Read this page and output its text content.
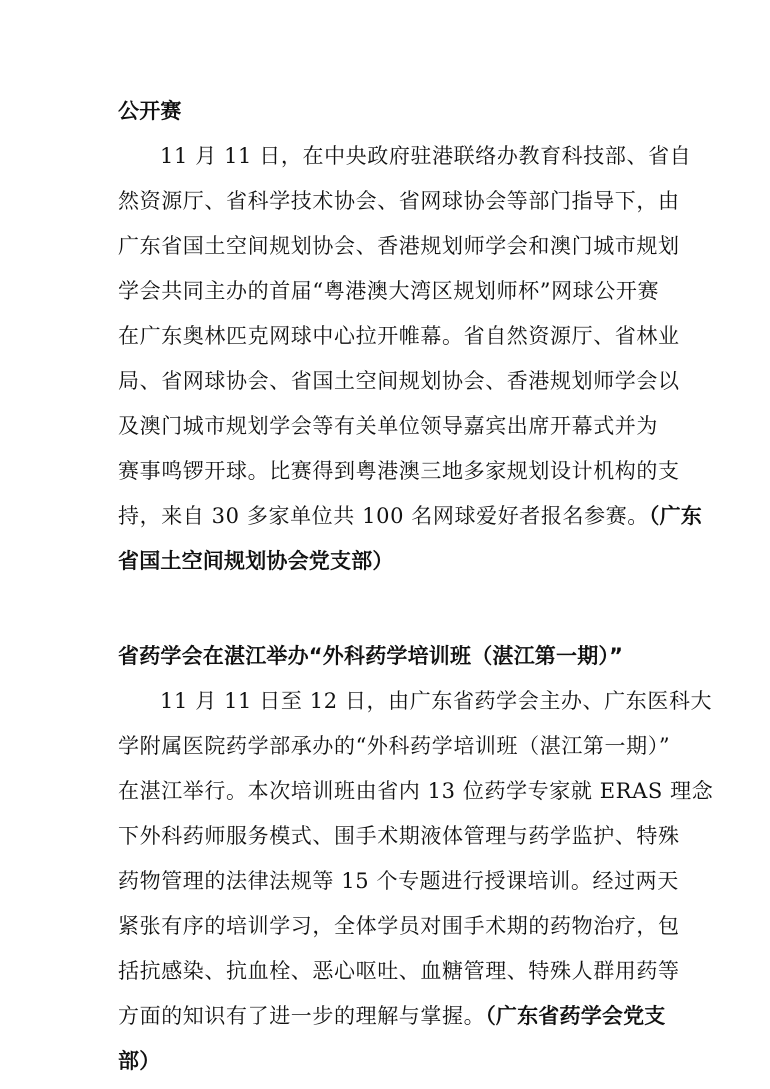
公开赛
11 月 11 日，在中央政府驻港联络办教育科技部、省自
然资源厅、省科学技术协会、省网球协会等部门指导下，由
广东省国土空间规划协会、香港规划师学会和澳门城市规划
学会共同主办的首届“粤港澳大湾区规划师杯”网球公开赛
在广东奥林匹克网球中心拉开帷幕。省自然资源厅、省林业
局、省网球协会、省国土空间规划协会、香港规划师学会以
及澳门城市规划学会等有关单位领导嘉宾出席开幕式并为
赛事鸣锣开球。比赛得到粤港澳三地多家规划设计机构的支
持，来自 30 多家单位共 100 名网球爱好者报名参赛。（广东
省国土空间规划协会党支部）
省药学会在湛江举办“外科药学培训班（湛江第一期）”
11 月 11 日至 12 日，由广东省药学会主办、广东医科大
学附属医院药学部承办的“外科药学培训班（湛江第一期）”
在湛江举行。本次培训班由省内 13 位药学专家就 ERAS 理念
下外科药师服务模式、围手术期液体管理与药学监护、特殊
药物管理的法律法规等 15 个专题进行授课培训。经过两天
紧张有序的培训学习，全体学员对围手术期的药物治疗，包
括抗感染、抗血栓、恶心呕吐、血糖管理、特殊人群用药等
方面的知识有了进一步的理解与掌握。（广东省药学会党支
部）
